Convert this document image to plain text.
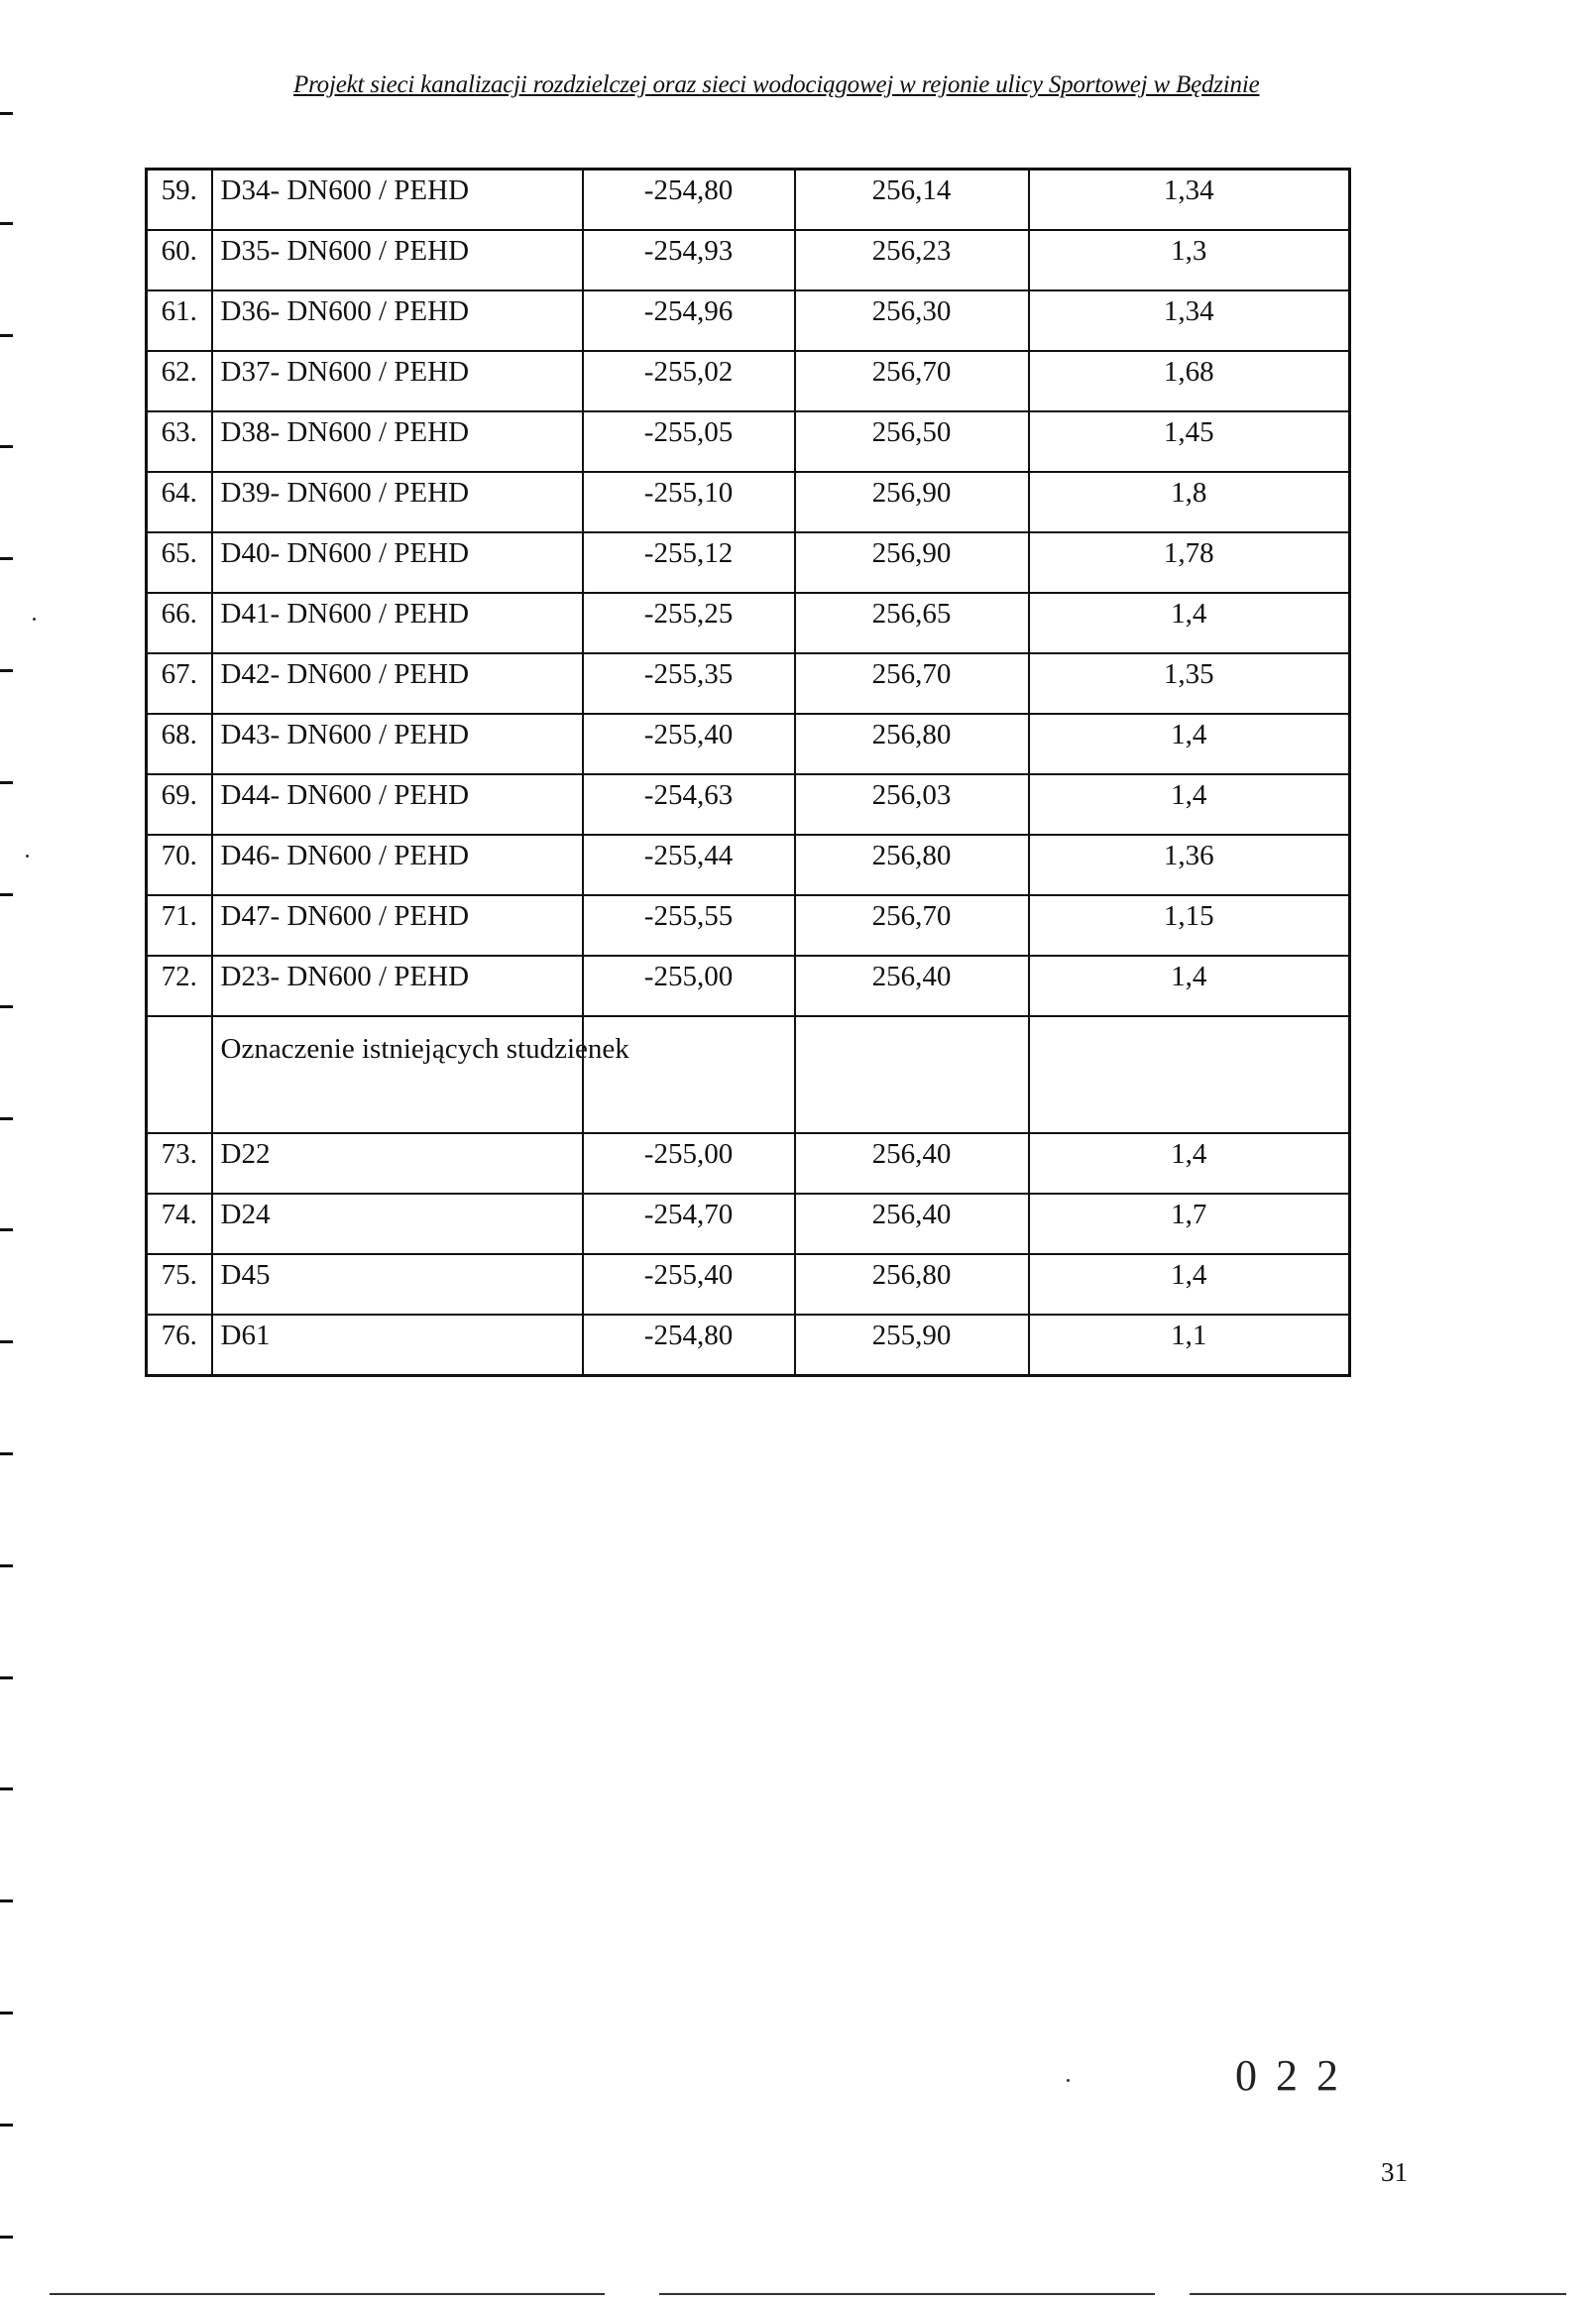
Projekt sieci kanalizacji rozdzielczej oraz sieci wodociągowej w rejonie ulicy Sportowej w Będzinie
59.	D34- DN600 / PEHD	-254,80	256,14	1,34
60.	D35- DN600 / PEHD	-254,93	256,23	1,3
61.	D36- DN600 / PEHD	-254,96	256,30	1,34
62.	D37- DN600 / PEHD	-255,02	256,70	1,68
63.	D38- DN600 / PEHD	-255,05	256,50	1,45
64.	D39- DN600 / PEHD	-255,10	256,90	1,8
65.	D40- DN600 / PEHD	-255,12	256,90	1,78
66.	D41- DN600 / PEHD	-255,25	256,65	1,4
67.	D42- DN600 / PEHD	-255,35	256,70	1,35
68.	D43- DN600 / PEHD	-255,40	256,80	1,4
69.	D44- DN600 / PEHD	-254,63	256,03	1,4
70.	D46- DN600 / PEHD	-255,44	256,80	1,36
71.	D47- DN600 / PEHD	-255,55	256,70	1,15
72.	D23- DN600 / PEHD	-255,00	256,40	1,4
	Oznaczenie istniejących studzienek			
73.	D22	-255,00	256,40	1,4
74.	D24	-254,70	256,40	1,7
75.	D45	-255,40	256,80	1,4
76.	D61	-254,80	255,90	1,1
0 2 2
31
